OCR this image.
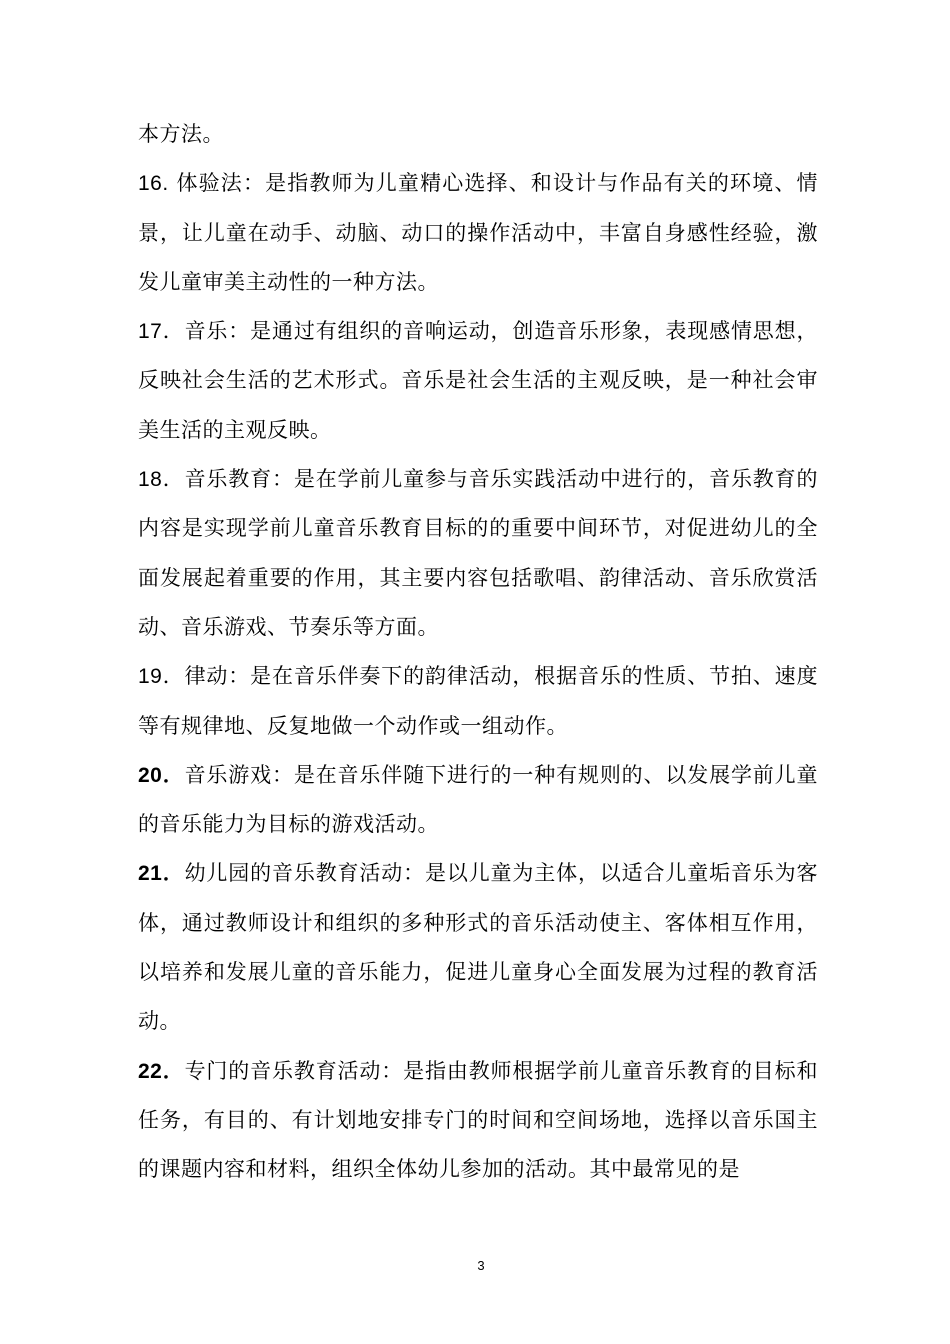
本方法。

16. 体验法：是指教师为儿童精心选择、和设计与作品有关的环境、情景，让儿童在动手、动脑、动口的操作活动中，丰富自身感性经验，激发儿童审美主动性的一种方法。

17．音乐：是通过有组织的音响运动，创造音乐形象，表现感情思想，反映社会生活的艺术形式。音乐是社会生活的主观反映，是一种社会审美生活的主观反映。

18．音乐教育：是在学前儿童参与音乐实践活动中进行的，音乐教育的内容是实现学前儿童音乐教育目标的的重要中间环节，对促进幼儿的全面发展起着重要的作用，其主要内容包括歌唱、韵律活动、音乐欣赏活动、音乐游戏、节奏乐等方面。

19．律动：是在音乐伴奏下的韵律活动，根据音乐的性质、节拍、速度等有规律地、反复地做一个动作或一组动作。

20．音乐游戏：是在音乐伴随下进行的一种有规则的、以发展学前儿童的音乐能力为目标的游戏活动。

21．幼儿园的音乐教育活动：是以儿童为主体，以适合儿童垢音乐为客体，通过教师设计和组织的多种形式的音乐活动使主、客体相互作用，以培养和发展儿童的音乐能力，促进儿童身心全面发展为过程的教育活动。

22．专门的音乐教育活动：是指由教师根据学前儿童音乐教育的目标和任务，有目的、有计划地安排专门的时间和空间场地，选择以音乐国主的课题内容和材料，组织全体幼儿参加的活动。其中最常见的是

3
